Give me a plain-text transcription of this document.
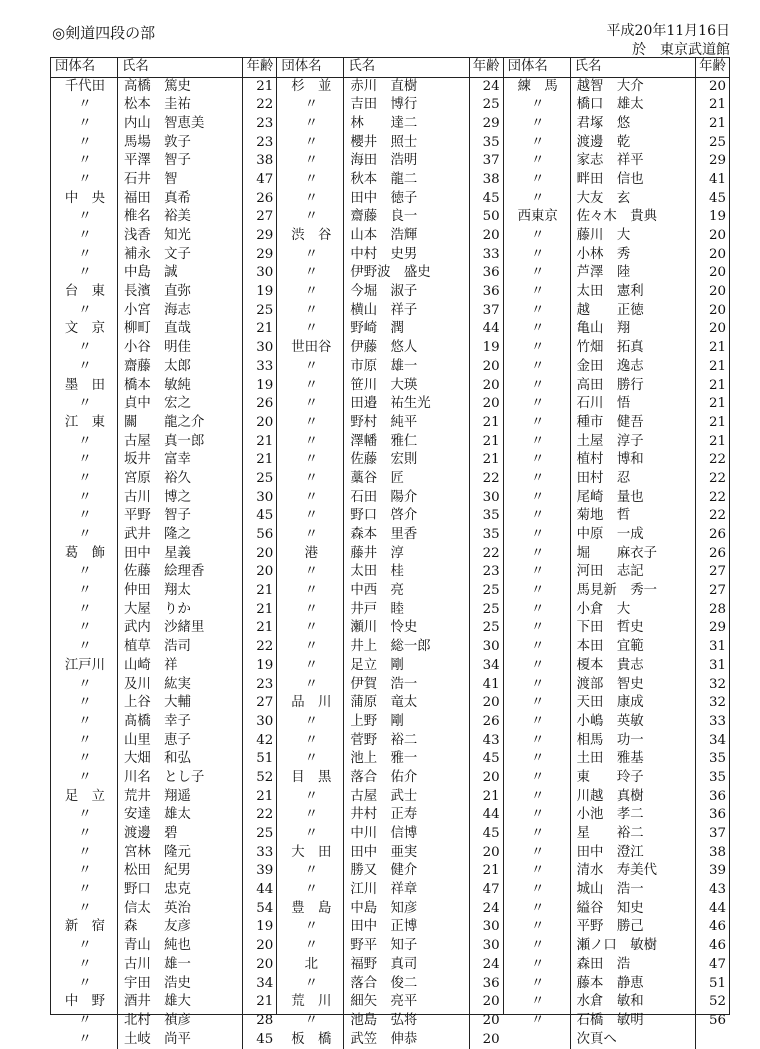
◎剣道四段の部	平成20年11月16日
於　東京武道館
団体名	氏名	年齢
千代田	高橋　篤史	21
〃	松本　圭祐	22
〃	内山　智恵美	23
〃	馬場　敦子	23
〃	平澤　智子	38
〃	石井　智	47
中　央	福田　真希	26
〃	椎名　裕美	27
〃	浅香　知光	29
〃	補永　文子	29
〃	中島　誠	30
台　東	長濱　直弥	19
〃	小宮　海志	25
文　京	柳町　直哉	21
〃	小谷　明佳	30
〃	齋藤　太郎	33
墨　田	橋本　敏純	19
〃	貞中　宏之	26
江　東	關　　龍之介	20
〃	古屋　真一郎	21
〃	坂井　富幸	21
〃	宮原　裕久	25
〃	古川　博之	30
〃	平野　智子	45
〃	武井　隆之	56
葛　飾	田中　星義	20
〃	佐藤　絵理香	20
〃	仲田　翔太	21
〃	大屋　りか	21
〃	武内　沙緒里	21
〃	植草　浩司	22
江戸川	山崎　祥	19
〃	及川　紘実	23
〃	上谷　大輔	27
〃	髙橋　幸子	30
〃	山里　恵子	42
〃	大畑　和弘	51
〃	川名　とし子	52
足　立	荒井　翔遥	21
〃	安達　雄太	22
〃	渡邊　碧	25
〃	宮林　隆元	33
〃	松田　紀男	39
〃	野口　忠克	44
〃	信太　英治	54
新　宿	森　　友彦	19
〃	青山　純也	20
〃	古川　雄一	20
〃	宇田　浩史	34
中　野	酒井　雄大	21
〃	北村　禎彦	28
〃	土岐　尚平	45
団体名	氏名	年齢
杉　並	赤川　直樹	24
〃	吉田　博行	25
〃	林　　達二	29
〃	櫻井　照士	35
〃	海田　浩明	37
〃	秋本　龍二	38
〃	田中　徳子	45
〃	齋藤　良一	50
渋　谷	山本　浩輝	20
〃	中村　史男	33
〃	伊野波　盛史	36
〃	今堀　淑子	36
〃	横山　祥子	37
〃	野崎　潤	44
世田谷	伊藤　悠人	19
〃	市原　雄一	20
〃	笹川　大瑛	20
〃	田邉　祐生光	20
〃	野村　純平	21
〃	澤幡　雅仁	21
〃	佐藤　宏則	21
〃	藁谷　匠	22
〃	石田　陽介	30
〃	野口　啓介	35
〃	森本　里香	35
港	藤井　淳	22
〃	太田　桂	23
〃	中西　亮	25
〃	井戸　睦	25
〃	瀬川　怜史	25
〃	井上　総一郎	30
〃	足立　剛	34
〃	伊賀　浩一	41
品　川	蒲原　竜太	20
〃	上野　剛	26
〃	菅野　裕二	43
〃	池上　雅一	45
目　黒	落合　佑介	20
〃	古屋　武士	21
〃	井村　正寿	44
〃	中川　信博	45
大　田	田中　亜実	20
〃	勝又　健介	21
〃	江川　祥章	47
豊　島	中島　知彦	24
〃	田中　正博	30
〃	野平　知子	30
北	福野　真司	24
〃	落合　俊二	36
荒　川	細矢　亮平	20
〃	池島　弘将	20
板　橋	武笠　伸恭	20
団体名	氏名	年齢
練　馬	越智　大介	20
〃	橋口　雄太	21
〃	君塚　悠	21
〃	渡邊　乾	25
〃	家志　祥平	29
〃	畔田　信也	41
〃	大友　玄	45
西東京	佐々木　貴典	19
〃	藤川　大	20
〃	小林　秀	20
〃	芦澤　陸	20
〃	太田　憲利	20
〃	越　　正徳	20
〃	亀山　翔	20
〃	竹畑　拓真	21
〃	金田　逸志	21
〃	高田　勝行	21
〃	石川　悟	21
〃	種市　健吾	21
〃	土屋　淳子	21
〃	植村　博和	22
〃	田村　忍	22
〃	尾崎　量也	22
〃	菊地　哲	22
〃	中原　一成	26
〃	堀　　麻衣子	26
〃	河田　志記	27
〃	馬見新　秀一	27
〃	小倉　大	28
〃	下田　哲史	29
〃	本田　宜範	31
〃	榎本　貴志	31
〃	渡部　智史	32
〃	天田　康成	32
〃	小嶋　英敏	33
〃	相馬　功一	34
〃	土田　雅基	35
〃	東　　玲子	35
〃	川越　真樹	36
〃	小池　孝二	36
〃	星　　裕二	37
〃	田中　澄江	38
〃	清水　寿美代	39
〃	城山　浩一	43
〃	縊谷　知史	44
〃	平野　勝己	46
〃	瀬ノ口　敏樹	46
〃	森田　浩	47
〃	藤本　静恵	51
〃	水倉　敏和	52
〃	石橋　敏明	56
次頁へ
